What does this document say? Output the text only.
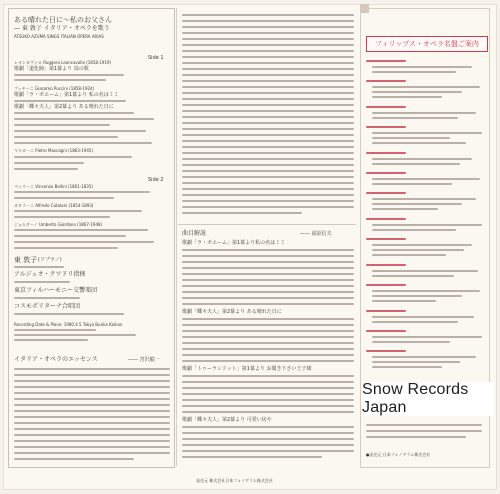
ある晴れた日に〜私のお父さん
— 東 敦子 イタリア・オペラを歌う
ATSUKO AZUMA SINGS ITALIAN OPERA ARIAS
Side 1
レオンカヴァロ Ruggero Leoncavallo (1858-1919)
歌劇「道化師」第1幕より 鳥の歌
プッチーニ Giacomo Puccini (1858-1924)
歌劇「ラ・ボエーム」第1幕より 私の名はミミ
歌劇「蝶々夫人」第2幕より ある晴れた日に
マスカーニ Pietro Mascagni (1863-1945)
Side 2
ベッリーニ Vincenzo Bellini (1801-1835)
カタラーニ Alfredo Catalani (1854-1893)
ジョルダーノ Umberto Giordano (1867-1948)
東 敦子 (ソプラノ)
アルジェオ・クワドリ指揮
東京フィルハーモニー交響楽団
コスモポリターナ合唱団
Recording Date & Place: 1980.4.5 Tokyo Bunka Kaikan
イタリア・オペラのエッセンス	—— 宮沢縦一
曲目解説	—— 福原信夫
歌劇「ラ・ボエーム」第1幕より私の名はミミ
歌劇「蝶々夫人」第2幕より ある晴れた日に
歌劇「トゥーランドット」第1幕より お聞き下さい王子様
歌劇「蝶々夫人」第2幕より 可愛い坊や
フィリップス・オペラ名盤ご案内
Snow Records Japan
●発売元 日本フォノグラム株式会社
発売元 株式会社日本フォノグラム株式会社
